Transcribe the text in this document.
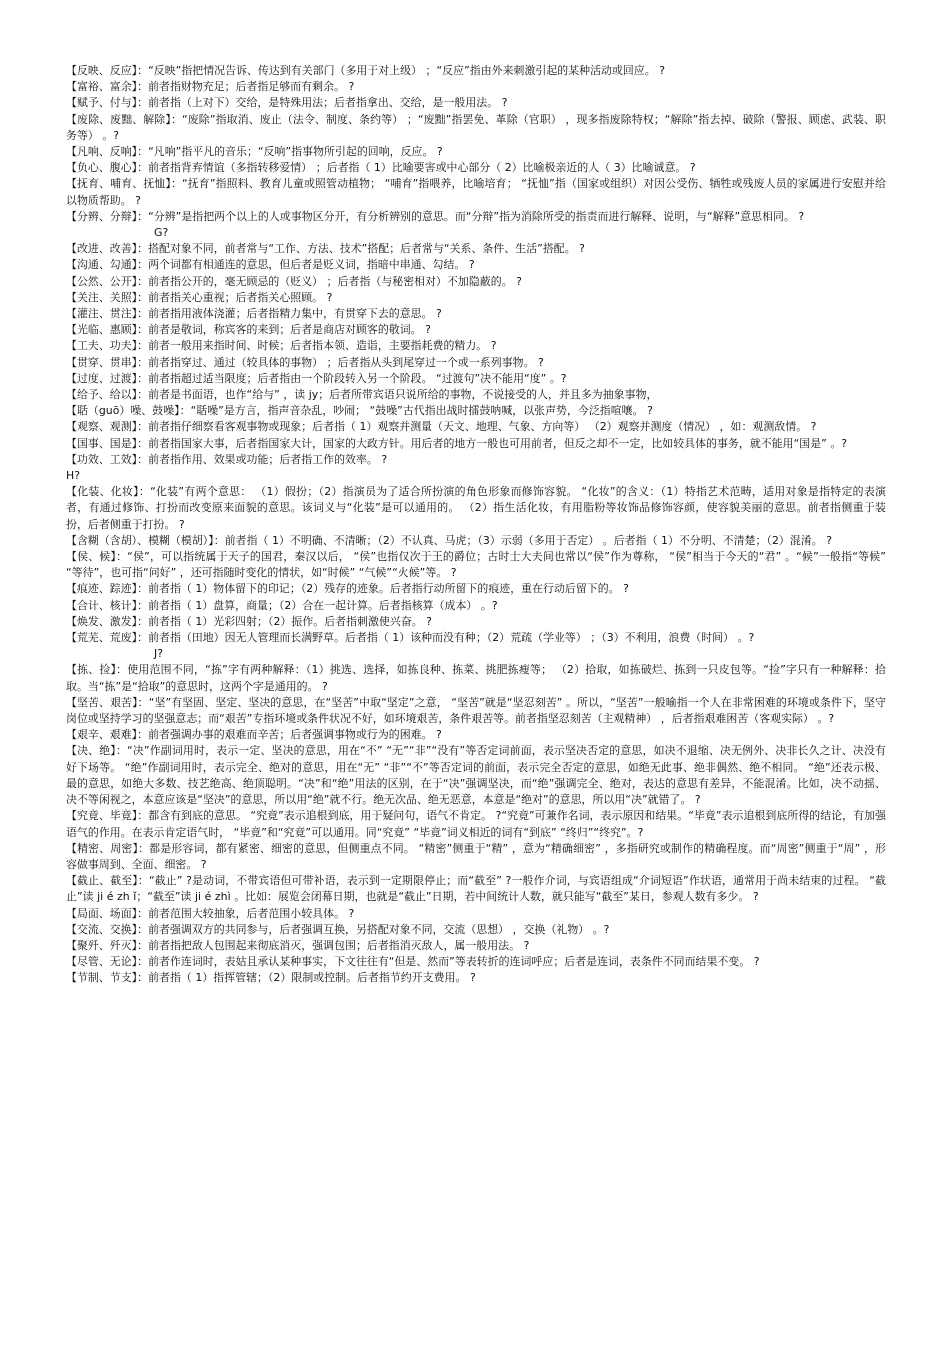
【反映、反应】：“反映”指把情况告诉、传达到有关部门（多用于对上级） ；“反应”指由外来刺激引起的某种活动或回应。 ?

【富裕、富余】：前者指财物充足；后者指足够而有剩余。 ?

【赋予、付与】：前者指（上对下）交给，是特殊用法；后者指拿出、交给，是一般用法。 ?

【废除、废黜、解除】：“废除”指取消、废止（法令、制度、条约等） ；“废黜”指罢免、革除（官职） ，现多指废除特权；“解除”指去掉、破除（警报、顾虑、武装、职务等） 。?

【凡响、反响】：“凡响”指平凡的音乐；“反响”指事物所引起的回响，反应。 ?

【负心、腹心】：前者指背弃情谊（多指转移爱情） ；后者指（ 1）比喻要害或中心部分（ 2）比喻极亲近的人（ 3）比喻诚意。 ?

【抚育、哺育、抚恤】：“抚育”指照料、教育儿童或照管动植物； “哺育”指喂养，比喻培育； “抚恤”指（国家或组织）对因公受伤、牺牲或残废人员的家属进行安慰并给以物质帮助。 ?

【分辨、分辩】：“分辨”是指把两个以上的人或事物区分开，有分析辨别的意思。而“分辩”指为消除所受的指责而进行解释、说明，与“解释”意思相同。 ?

G?

【改进、改善】：搭配对象不同，前者常与“工作、方法、技术”搭配；后者常与“关系、条件、生活”搭配。 ?

【沟通、勾通】：两个词都有相通连的意思，但后者是贬义词，指暗中串通、勾结。 ?

【公然、公开】：前者指公开的，毫无顾忌的（贬义） ；后者指（与秘密相对）不加隐蔽的。 ?

【关注、关照】：前者指关心重视；后者指关心照顾。 ?

【灌注、贯注】：前者指用液体浇灌；后者指精力集中，有贯穿下去的意思。 ?

【光临、惠顾】：前者是敬词，称宾客的来到；后者是商店对顾客的敬词。 ?

【工夫、功夫】：前者一般用来指时间、时候；后者指本领、造诣，主要指耗费的精力。 ?

【贯穿、贯串】：前者指穿过、通过（较具体的事物） ；后者指从头到尾穿过一个或一系列事物。 ?

【过度、过渡】：前者指超过适当限度；后者指由一个阶段转入另一个阶段。 “过渡句”决不能用“度” 。?

【给予、给以】：前者是书面语，也作“给与” ，读 jy；后者所带宾语只说所给的事物，不说接受的人，并且多为抽象事物，

【聒（guō）噪、鼓噪】：“聒噪”是方言，指声音杂乱，吵闹； “鼓噪”古代指出战时擂鼓呐喊，以张声势，今泛指喧嚷。 ?

【观察、观测】：前者指仔细察看客观事物或现象；后者指（ 1）观察并测量（天文、地理、气象、方向等） （2）观察并测度（情况） ，如：观测敌情。 ?

【国事、国是】：前者指国家大事，后者指国家大计，国家的大政方针。用后者的地方一般也可用前者，但反之却不一定，比如较具体的事务，就不能用“国是” 。?

【功效、工效】：前者指作用、效果或功能；后者指工作的效率。 ?

H?

【化装、化妆】：“化装”有两个意思： （1）假扮；（2）指演员为了适合所扮演的角色形象而修饰容貌。 “化妆”的含义：（1）特指艺术范畴，适用对象是指特定的表演者，有通过修饰、打扮而改变原来面貌的意思。该词义与“化装”是可以通用的。 （2）指生活化妆，有用脂粉等妆饰品修饰容颜，使容貌美丽的意思。前者指侧重于装扮，后者侧重于打扮。 ?

【含糊（含胡）、模糊（模胡）】：前者指（ 1）不明确、不清晰；（2）不认真、马虎；（3）示弱（多用于否定） 。后者指（ 1）不分明、不清楚；（2）混淆。 ?

【侯、候】：“侯”，可以指统属于天子的国君，秦汉以后， “侯”也指仅次于王的爵位；古时士大夫间也常以“侯”作为尊称， “侯”相当于今天的“君” 。“候”一般指“等候” “等待”，也可指“问好” ，还可指随时变化的情状，如“时候” “气候”“火候”等。 ?

【痕迹、踪迹】：前者指（ 1）物体留下的印记；（2）残存的迹象。后者指行动所留下的痕迹，重在行动后留下的。 ?

【合计、核计】：前者指（ 1）盘算，商量；（2）合在一起计算。后者指核算（成本） 。?

【焕发、激发】：前者指（ 1）光彩四射；（2）振作。后者指刺激使兴奋。 ?

【荒芜、荒废】：前者指（田地）因无人管理而长满野草。后者指（ 1）该种而没有种；（2）荒疏（学业等） ；（3）不利用，浪费（时间） 。?

J?

【拣、捡】：使用范围不同，“拣”字有两种解释：（1）挑选、选择，如拣良种、拣菜、挑肥拣瘦等； （2）拾取，如拣破烂、拣到一只皮包等。“捡”字只有一种解释：拾取。当“拣”是“拾取”的意思时，这两个字是通用的。 ?

【坚苦、艰苦】：“坚”有坚固、坚定、坚决的意思，在“坚苦”中取“坚定”之意， “坚苦”就是“坚忍刻苦” 。所以，“坚苦”一般喻指一个人在非常困难的环境或条件下，坚守岗位或坚持学习的坚强意志；而“艰苦”专指环境或条件状况不好，如环境艰苦，条件艰苦等。前者指坚忍刻苦（主观精神） ，后者指艰难困苦（客观实际） 。?

【艰辛、艰难】：前者强调办事的艰难而辛苦；后者强调事物或行为的困难。 ?

【决、绝】：“决”作副词用时，表示一定、坚决的意思，用在“不” “无”“非”“没有”等否定词前面，表示坚决否定的意思，如决不退缩、决无例外、决非长久之计、决没有好下场等。 “绝”作副词用时，表示完全、绝对的意思，用在“无” “非”“不”等否定词的前面，表示完全否定的意思，如绝无此事、绝非偶然、绝不相同。 “绝”还表示极、最的意思，如绝大多数、技艺绝高、绝顶聪明。“决”和“绝”用法的区别，在于“决”强调坚决，而“绝”强调完全、绝对，表达的意思有差异，不能混淆。比如，决不动摇、决不等闲视之，本意应该是“坚决”的意思，所以用“绝”就不行。绝无次品、绝无恶意，本意是“绝对”的意思，所以用“决”就错了。 ?

【究竟、毕竟】：都含有到底的意思。 “究竟”表示追根到底，用于疑问句，语气不肯定。 ?“究竟”可兼作名词，表示原因和结果。“毕竟”表示追根到底所得的结论，有加强语气的作用。在表示肯定语气时， “毕竟”和“究竟”可以通用。同“究竟” “毕竟”词义相近的词有“到底” “终归”“终究”。?

【精密、周密】：都是形容词，都有紧密、细密的意思，但侧重点不同。 “精密”侧重于“精” ，意为“精确细密” ，多指研究或制作的精确程度。而“周密”侧重于“周” ，形容做事周到、全面、细密。 ?

【截止、截至】：“截止” ?是动词，不带宾语但可带补语，表示到一定期限停止；而“截至” ?一般作介词，与宾语组成“介词短语”作状语，通常用于尚未结束的过程。 “截止”读 ji é zh ǐ；“截至”读 ji é zhì 。比如：展览会闭幕日期，也就是“截止”日期，若中间统计人数，就只能写“截至”某日，参观人数有多少。 ?

【局面、场面】：前者范围大较抽象，后者范围小较具体。 ?

【交流、交换】：前者强调双方的共同参与，后者强调互换，另搭配对象不同，交流（思想） ，交换（礼物） 。?

【聚歼、歼灭】：前者指把敌人包围起来彻底消灭，强调包围；后者指消灭敌人，属一般用法。 ?

【尽管、无论】：前者作连词时，表姑且承认某种事实，下文往往有“但是、然而”等表转折的连词呼应；后者是连词，表条件不同而结果不变。 ?

【节制、节支】：前者指（ 1）指挥管辖；（2）限制或控制。后者指节约开支费用。 ?
